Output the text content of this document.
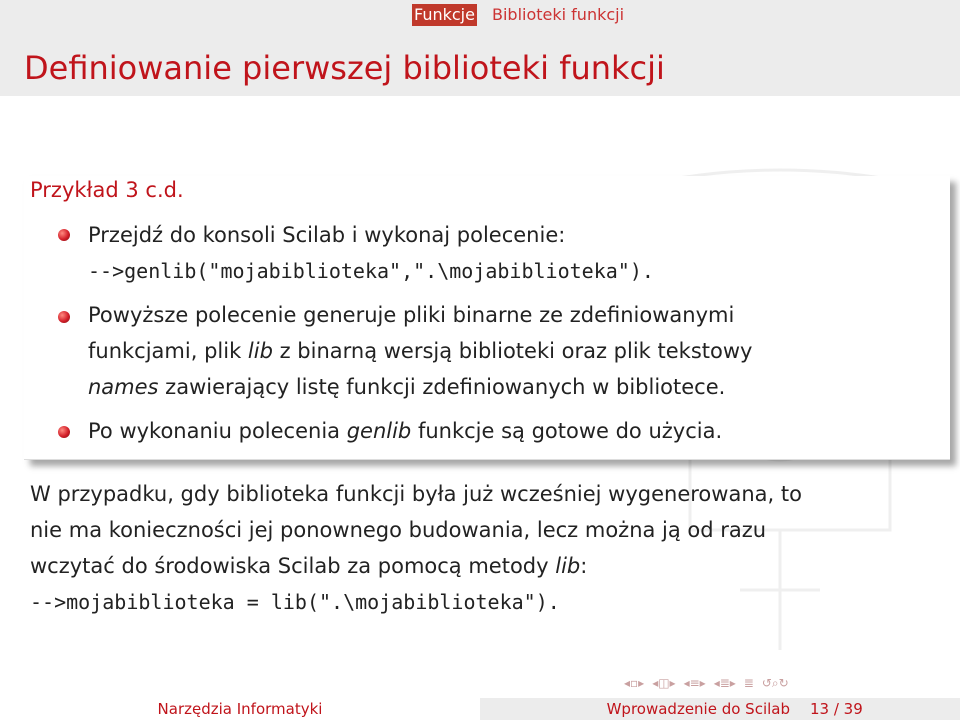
Funkcje Biblioteki funkcji
Definiowanie pierwszej biblioteki funkcji
Przykład 3 c.d.
Przejdź do konsoli Scilab i wykonaj polecenie:
-->genlib("mojabiblioteka",".\mojabiblioteka").
Powyższe polecenie generuje pliki binarne ze zdefiniowanymi
funkcjami, plik lib z binarną wersją biblioteki oraz plik tekstowy
names zawierający listę funkcji zdefiniowanych w bibliotece.
Po wykonaniu polecenia genlib funkcje są gotowe do użycia.
W przypadku, gdy biblioteka funkcji była już wcześniej wygenerowana, to
nie ma konieczności jej ponownego budowania, lecz można ją od razu
wczytać do środowiska Scilab za pomocą metody lib:
-->mojabiblioteka = lib(".\mojabiblioteka").
◂▫▸ ◂◫▸ ◂≡▸ ◂≣▸ ≣ ↺⌕↻
Narzędzia Informatyki	Wprowadzenie do Scilab	13 / 39
